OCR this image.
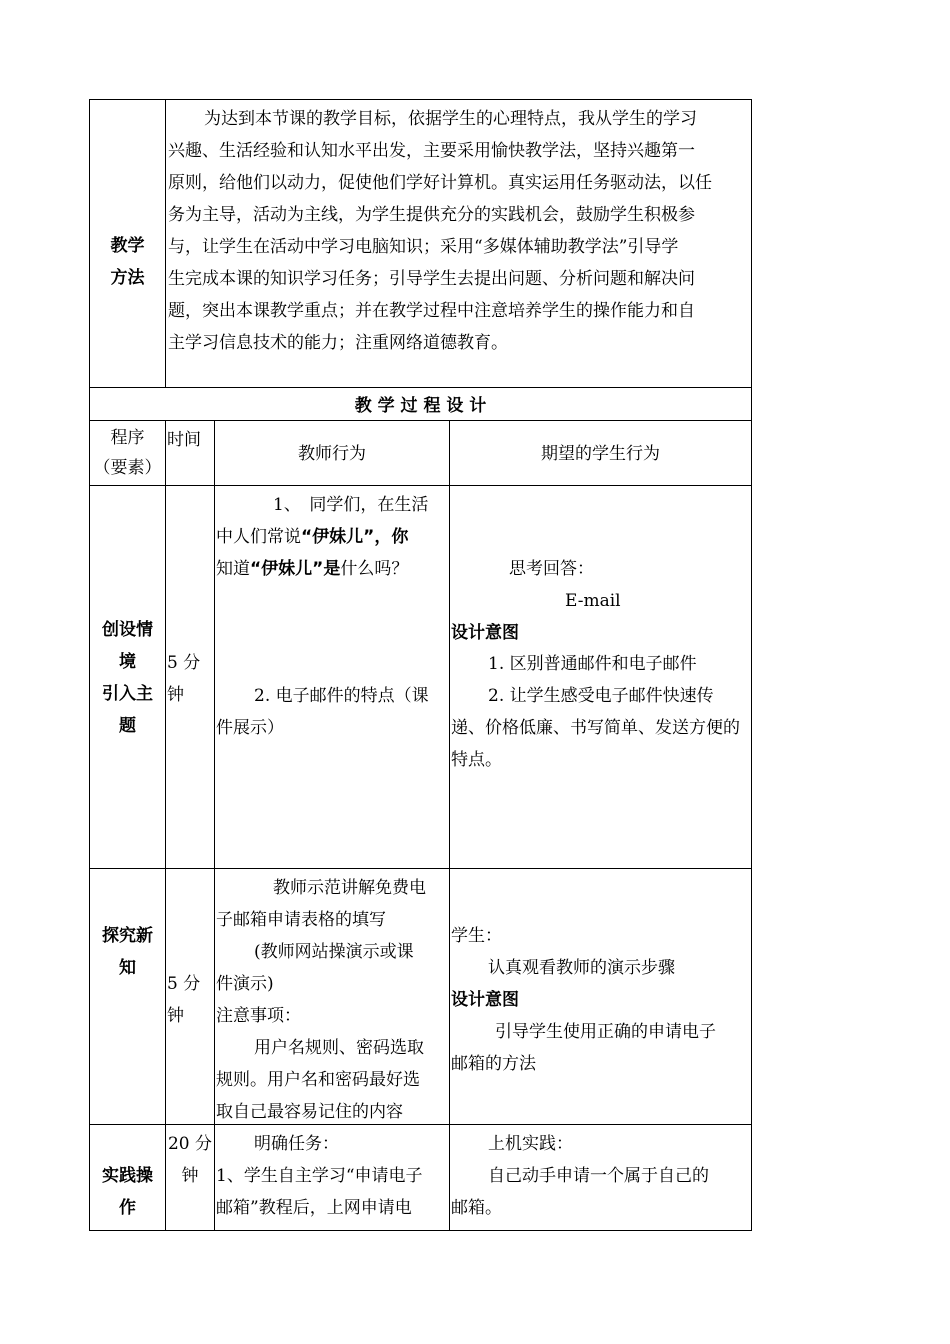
教学
方法
为达到本节课的教学目标，依据学生的心理特点，我从学生的学习
兴趣、生活经验和认知水平出发，主要采用愉快教学法，坚持兴趣第一
原则，给他们以动力，促使他们学好计算机。真实运用任务驱动法，以任
务为主导，活动为主线，为学生提供充分的实践机会，鼓励学生积极参
与，让学生在活动中学习电脑知识；采用“多媒体辅助教学法”引导学
生完成本课的知识学习任务；引导学生去提出问题、分析问题和解决问
题，突出本课教学重点；并在教学过程中注意培养学生的操作能力和自
主学习信息技术的能力；注重网络道德教育。
教 学 过 程 设 计
程序
（要素）
时间
教师行为	期望的学生行为
创设情
境
引入主
题
5 分
钟
1、　同学们，在生活
中人们常说“伊妹儿”，你
知道“伊妹儿”是什么吗？
2. 电子邮件的特点（课
件展示）
思考回答：
E-mail
设计意图
1. 区别普通邮件和电子邮件
2. 让学生感受电子邮件快速传
递、价格低廉、书写简单、发送方便的
特点。
探究新
知
5 分
钟
教师示范讲解免费电
子邮箱申请表格的填写
(教师网站操演示或课
件演示)
注意事项：
用户名规则、密码选取
规则。用户名和密码最好选
取自己最容易记住的内容
学生：
认真观看教师的演示步骤
设计意图
引导学生使用正确的申请电子
邮箱的方法
实践操
作
20 分
钟
明确任务：
1、学生自主学习“申请电子
邮箱”教程后，上网申请电
上机实践：
自己动手申请一个属于自己的
邮箱。
